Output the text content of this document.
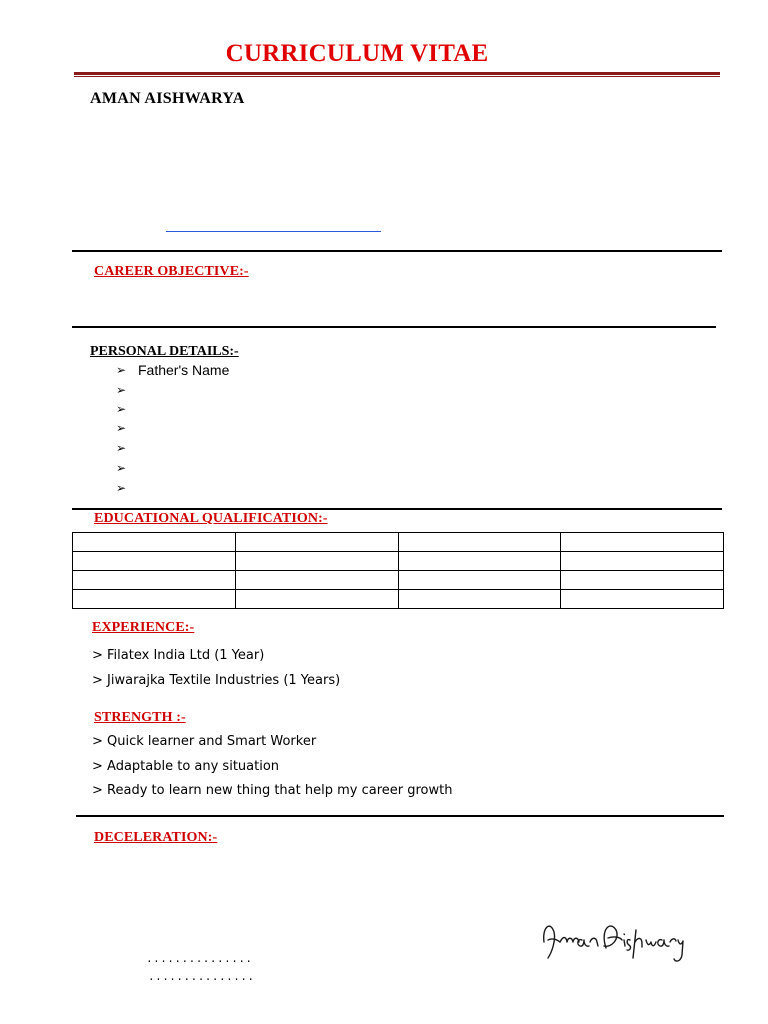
CURRICULUM VITAE
AMAN AISHWARYA
CAREER OBJECTIVE:-
PERSONAL DETAILS:-
➢ Father's Name
➢
➢
➢
➢
➢
➢
EDUCATIONAL QUALIFICATION:-

EXPERIENCE:-
> Filatex India Ltd (1 Year)
> Jiwarajka Textile Industries (1 Years)
STRENGTH :-
> Quick learner and Smart Worker
> Adaptable to any situation
> Ready to learn new thing that help my career growth
DECELERATION:-
...............
...............
